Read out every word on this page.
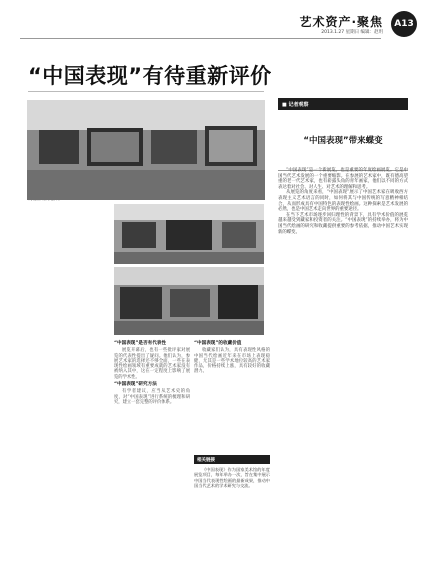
艺术资产·聚焦
2013.1.27 星期日 编辑：赵玥
A13
“中国表现”有待重新评价

“中国表现”是否有代表性

展览开幕后，也有一些批评家对展览的代表性提出了疑问。他们认为，参展艺术家的选择还不够全面，一些在表现性绘画领域有重要成就的艺术家没有被纳入其中，这在一定程度上影响了展览的学术性。

“中国表现”研究方法

有学者建议，应当从艺术史的角度，对“中国表现”进行系统的梳理和研究，建立一套完整的评价体系。

“中国表现”的收藏价值

收藏家们认为，具有表现性风格的中国当代绘画近年来在市场上表现稳健，尤其是一些学术地位较高的艺术家作品，价格持续上涨，具有较好的收藏潜力。

相关链接

《中国表现》作为国家美术馆的年度展览项目，每年举办一次，旨在集中展示中国当代表现性绘画的最新成果，推动中国当代艺术的学术研究与交流。

■ 记者观察
“中国表现”带来蝶变

“中国表现”是一个新展览，也是重要的年度绘画展览。它是中国当代艺术发展的一个重要缩影。在参展的艺术家中，既有德高望重的老一代艺术家，也有崭露头角的青年画家，他们以不同的方式表达着对社会、对人生、对艺术的理解和思考。

从展览的角度来看，“中国表现”展示了中国艺术家在吸收西方表现主义艺术语言的同时，如何将其与中国传统的写意精神相结合，从而形成具有中国特色的表现性绘画。这种探索是艺术发展的必然，也是中国艺术走向世界的重要途径。

在当下艺术市场逐步回归理性的背景下，具有学术价值的展览越来越受到藏家和投资者的关注。“中国表现”的持续举办，将为中国当代绘画的研究和收藏提供重要的参考依据，推动中国艺术实现新的蝶变。
